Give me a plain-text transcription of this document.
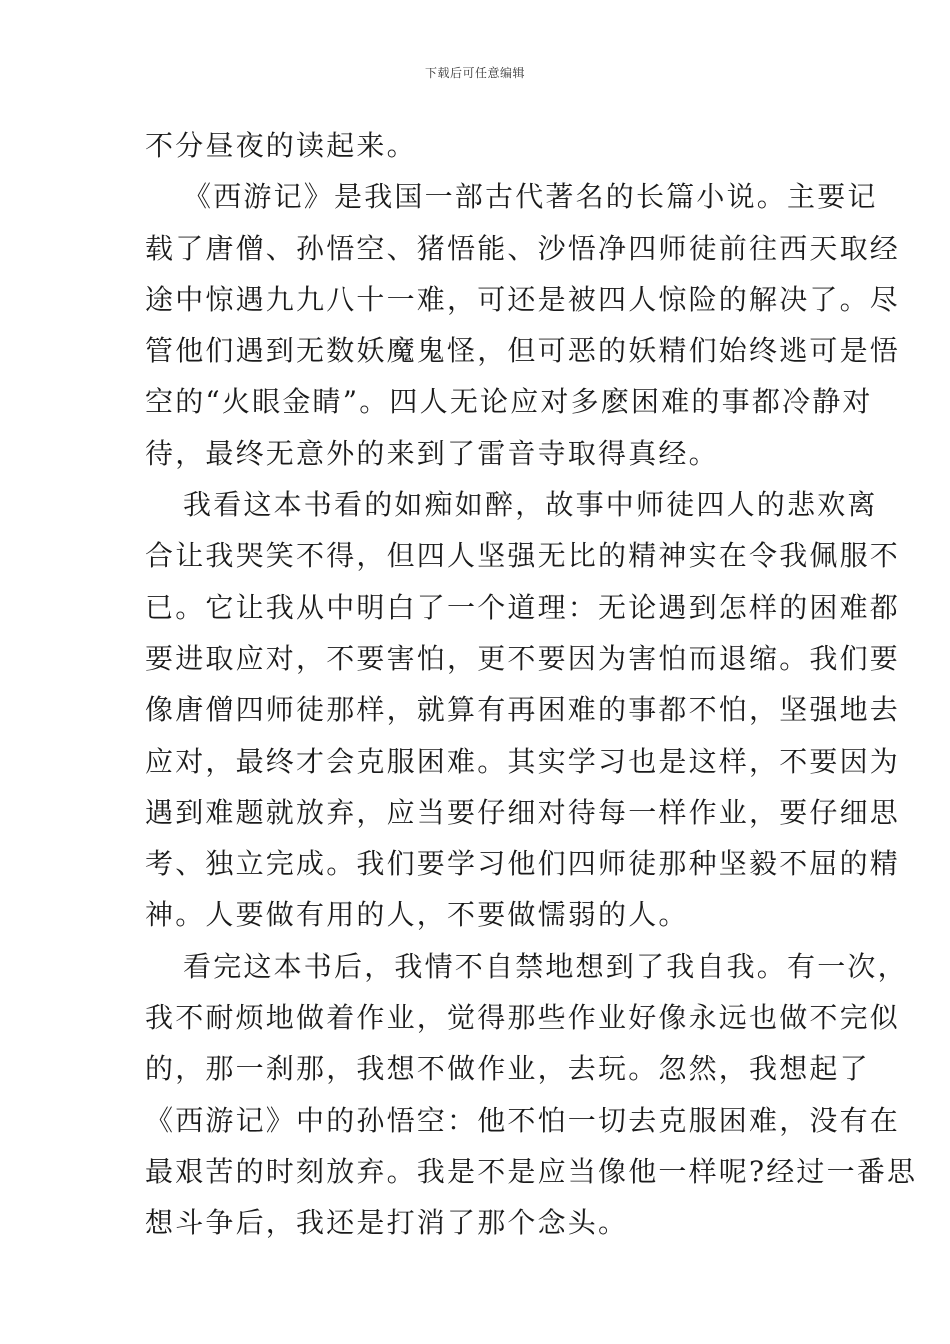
下载后可任意编辑
不分昼夜的读起来。
《西游记》是我国一部古代著名的长篇小说。主要记
载了唐僧、孙悟空、猪悟能、沙悟净四师徒前往西天取经
途中惊遇九九八十一难，可还是被四人惊险的解决了。尽
管他们遇到无数妖魔鬼怪，但可恶的妖精们始终逃可是悟
空的“火眼金睛”。四人无论应对多麽困难的事都冷静对
待，最终无意外的来到了雷音寺取得真经。
我看这本书看的如痴如醉，故事中师徒四人的悲欢离
合让我哭笑不得，但四人坚强无比的精神实在令我佩服不
已。它让我从中明白了一个道理：无论遇到怎样的困难都
要进取应对，不要害怕，更不要因为害怕而退缩。我们要
像唐僧四师徒那样，就算有再困难的事都不怕，坚强地去
应对，最终才会克服困难。其实学习也是这样，不要因为
遇到难题就放弃，应当要仔细对待每一样作业，要仔细思
考、独立完成。我们要学习他们四师徒那种坚毅不屈的精
神。人要做有用的人，不要做懦弱的人。
看完这本书后，我情不自禁地想到了我自我。有一次，
我不耐烦地做着作业，觉得那些作业好像永远也做不完似
的，那一刹那，我想不做作业，去玩。忽然，我想起了
《西游记》中的孙悟空：他不怕一切去克服困难，没有在
最艰苦的时刻放弃。我是不是应当像他一样呢?经过一番思
想斗争后，我还是打消了那个念头。
